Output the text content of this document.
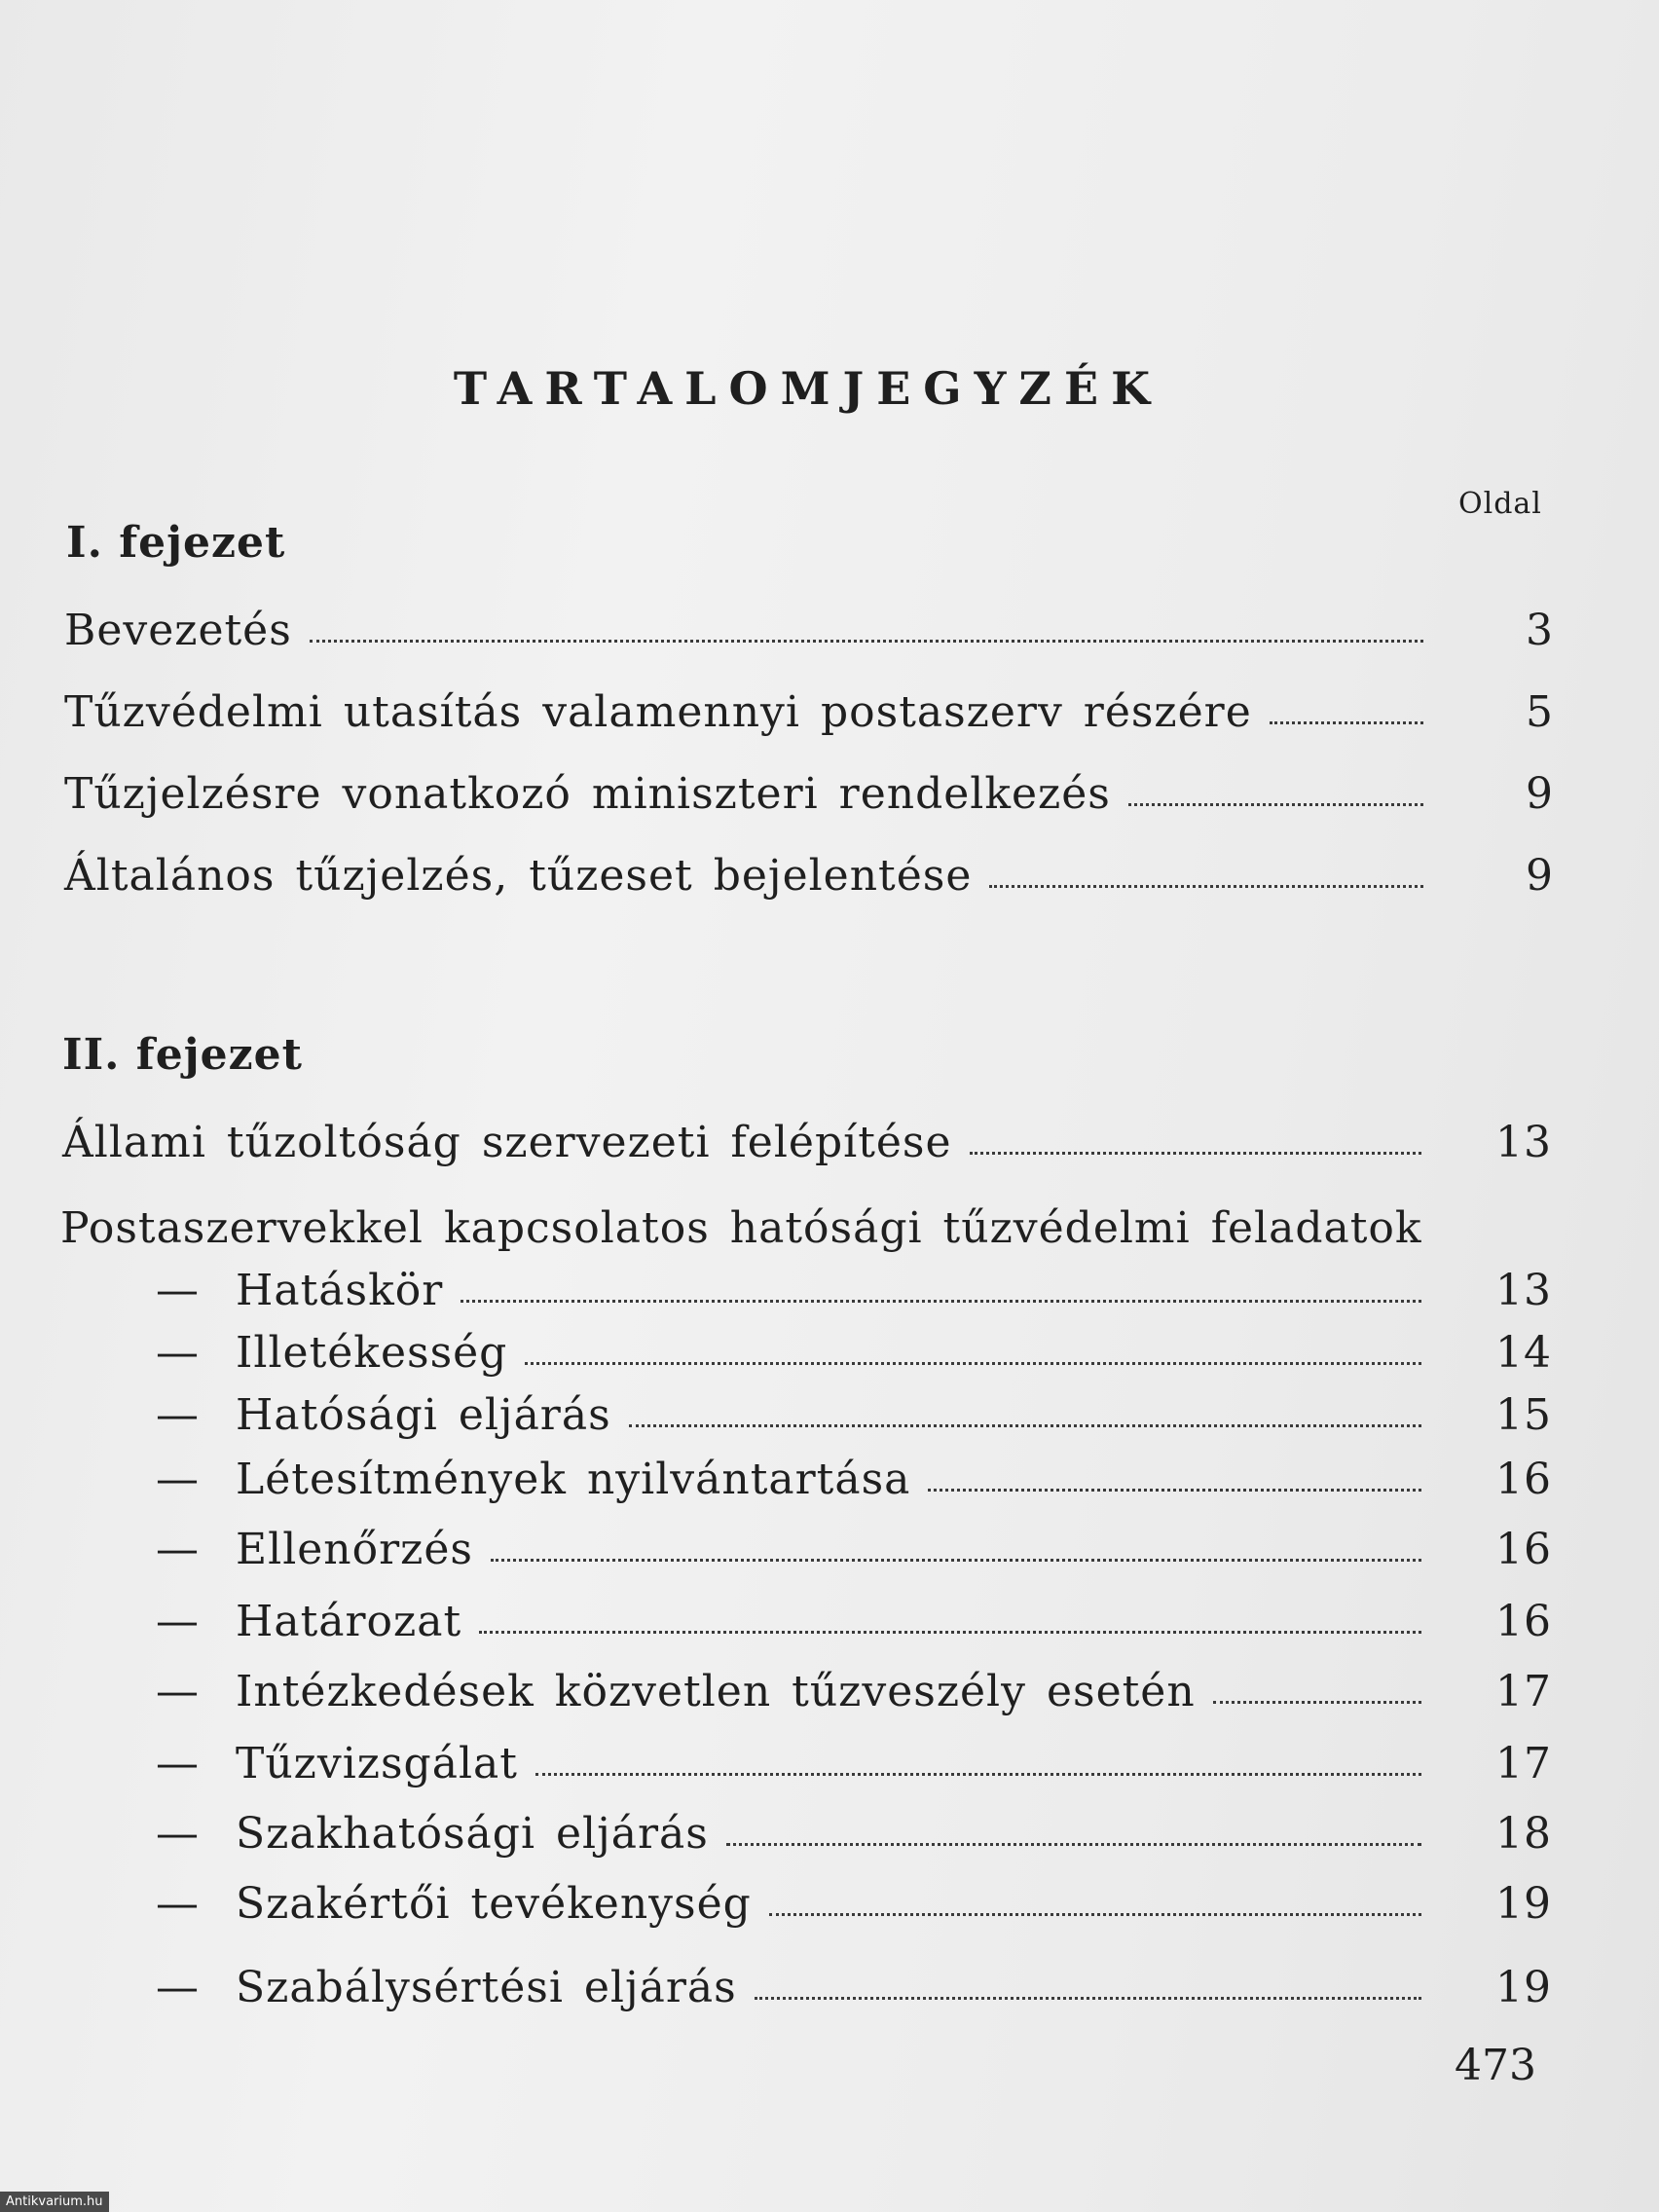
TARTALOMJEGYZÉK
Oldal
I. fejezet
Bevezetés	3
Tűzvédelmi utasítás valamennyi postaszerv részére	5
Tűzjelzésre vonatkozó miniszteri rendelkezés	9
Általános tűzjelzés, tűzeset bejelentése	9
II. fejezet
Állami tűzoltóság szervezeti felépítése	13
Postaszervekkel kapcsolatos hatósági tűzvédelmi feladatok
— Hatáskör	13
— Illetékesség	14
— Hatósági eljárás	15
— Létesítmények nyilvántartása	16
— Ellenőrzés	16
— Határozat	16
— Intézkedések közvetlen tűzveszély esetén	17
— Tűzvizsgálat	17
— Szakhatósági eljárás	18
— Szakértői tevékenység	19
— Szabálysértési eljárás	19
473
Antikvarium.hu
